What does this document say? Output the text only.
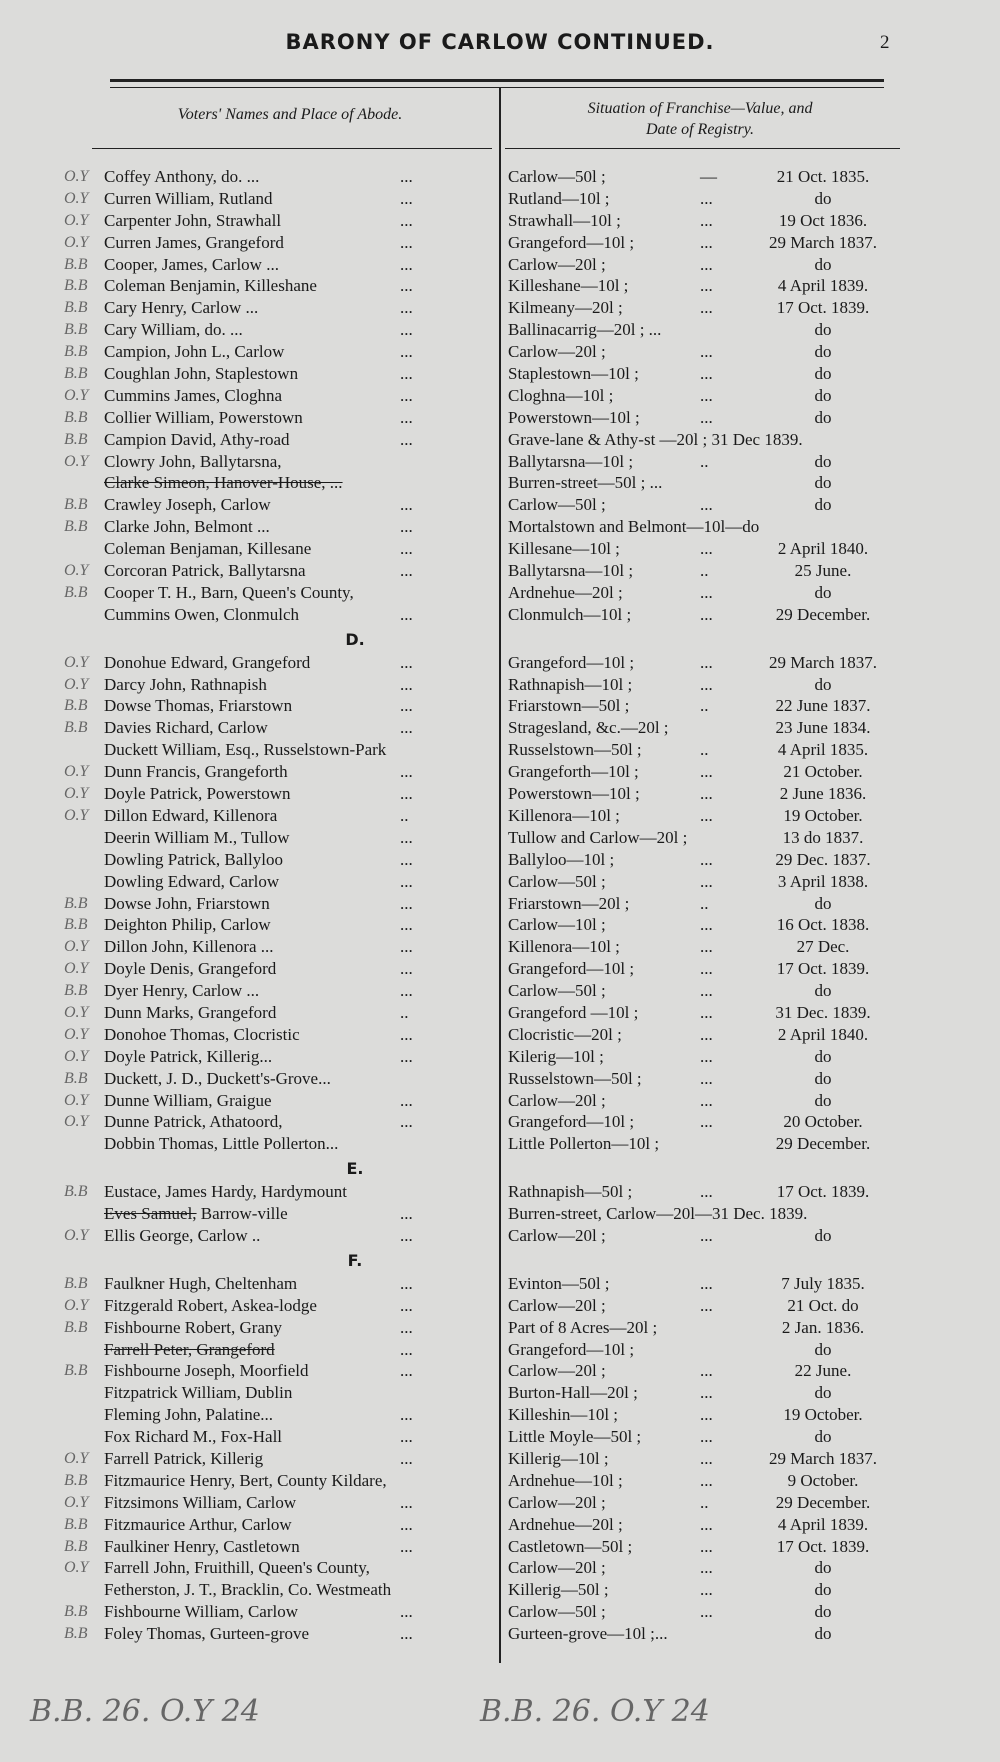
BARONY OF CARLOW CONTINUED.	2
Voters' Names and Place of Abode.	Situation of Franchise—Value, and
Date of Registry.
O.Y Coffey Anthony, do. ...	...	Carlow—50l ;	—	21 Oct. 1835.
O.Y Curren William, Rutland	...	Rutland—10l ;	...	do
O.Y Carpenter John, Strawhall	...	Strawhall—10l ;	...	19 Oct 1836.
O.Y Curren James, Grangeford	...	Grangeford—10l ;	...	29 March 1837.
B.B Cooper, James, Carlow ...	...	Carlow—20l ;	...	do
B.B Coleman Benjamin, Killeshane	...	Killeshane—10l ;	...	4 April 1839.
B.B Cary Henry, Carlow ...	...	Kilmeany—20l ;	...	17 Oct. 1839.
B.B Cary William, do. ...	...	Ballinacarrig—20l ; ...	do
B.B Campion, John L., Carlow	...	Carlow—20l ;	...	do
B.B Coughlan John, Staplestown	...	Staplestown—10l ;	...	do
O.Y Cummins James, Cloghna	...	Cloghna—10l ;	...	do
B.B Collier William, Powerstown	...	Powerstown—10l ;	...	do
B.B Campion David, Athy-road	...	Grave-lane & Athy-st —20l ; 31 Dec 1839.
O.Y Clowry John, Ballytarsna,	Ballytarsna—10l ;	..	do
Clarke Simeon, Hanover-House, ...	Burren-street—50l ; ...	do
B.B Crawley Joseph, Carlow	...	Carlow—50l ;	...	do
B.B Clarke John, Belmont ...	...	Mortalstown and Belmont—10l—do
Coleman Benjaman, Killesane	...	Killesane—10l ;	...	2 April 1840.
O.Y Corcoran Patrick, Ballytarsna	...	Ballytarsna—10l ;	..	25 June.
B.B Cooper T. H., Barn, Queen's County,	Ardnehue—20l ;	...	do
Cummins Owen, Clonmulch	...	Clonmulch—10l ;	...	29 December.
D.
O.Y Donohue Edward, Grangeford	...	Grangeford—10l ;	...	29 March 1837.
O.Y Darcy John, Rathnapish	...	Rathnapish—10l ;	...	do
B.B Dowse Thomas, Friarstown	...	Friarstown—50l ;	..	22 June 1837.
B.B Davies Richard, Carlow	...	Stragesland, &c.—20l ;	23 June 1834.
Duckett William, Esq., Russelstown-Park	Russelstown—50l ;	..	4 April 1835.
O.Y Dunn Francis, Grangeforth	...	Grangeforth—10l ;	...	21 October.
O.Y Doyle Patrick, Powerstown	...	Powerstown—10l ;	...	2 June 1836.
O.Y Dillon Edward, Killenora	..	Killenora—10l ;	...	19 October.
Deerin William M., Tullow	...	Tullow and Carlow—20l ;	13 do 1837.
Dowling Patrick, Ballyloo	...	Ballyloo—10l ;	...	29 Dec. 1837.
Dowling Edward, Carlow	...	Carlow—50l ;	...	3 April 1838.
B.B Dowse John, Friarstown	...	Friarstown—20l ;	..	do
B.B Deighton Philip, Carlow	...	Carlow—10l ;	...	16 Oct. 1838.
O.Y Dillon John, Killenora ...	...	Killenora—10l ;	...	27 Dec.
O.Y Doyle Denis, Grangeford	...	Grangeford—10l ;	...	17 Oct. 1839.
B.B Dyer Henry, Carlow ...	...	Carlow—50l ;	...	do
O.Y Dunn Marks, Grangeford	..	Grangeford —10l ;	...	31 Dec. 1839.
O.Y Donohoe Thomas, Clocristic	...	Clocristic—20l ;	...	2 April 1840.
O.Y Doyle Patrick, Killerig...	...	Kilerig—10l ;	...	do
B.B Duckett, J. D., Duckett's-Grove...	Russelstown—50l ;	...	do
O.Y Dunne William, Graigue	...	Carlow—20l ;	...	do
O.Y Dunne Patrick, Athatoord,	...	Grangeford—10l ;	...	20 October.
Dobbin Thomas, Little Pollerton...	Little Pollerton—10l ;	29 December.
E.
B.B Eustace, James Hardy, Hardymount	Rathnapish—50l ;	...	17 Oct. 1839.
Eves Samuel, Barrow-ville	...	Burren-street, Carlow—20l—31 Dec. 1839.
O.Y Ellis George, Carlow ..	...	Carlow—20l ;	...	do
F.
B.B Faulkner Hugh, Cheltenham	...	Evinton—50l ;	...	7 July 1835.
O.Y Fitzgerald Robert, Askea-lodge	...	Carlow—20l ;	...	21 Oct. do
B.B Fishbourne Robert, Grany	...	Part of 8 Acres—20l ;	2 Jan. 1836.
Farrell Peter, Grangeford	...	Grangeford—10l ;	do
B.B Fishbourne Joseph, Moorfield	...	Carlow—20l ;	...	22 June.
Fitzpatrick William, Dublin	Burton-Hall—20l ;	...	do
Fleming John, Palatine...	...	Killeshin—10l ;	...	19 October.
Fox Richard M., Fox-Hall	...	Little Moyle—50l ;	...	do
O.Y Farrell Patrick, Killerig	...	Killerig—10l ;	...	29 March 1837.
B.B Fitzmaurice Henry, Bert, County Kildare,	Ardnehue—10l ;	...	9 October.
O.Y Fitzsimons William, Carlow	...	Carlow—20l ;	..	29 December.
B.B Fitzmaurice Arthur, Carlow	...	Ardnehue—20l ;	...	4 April 1839.
B.B Faulkiner Henry, Castletown	...	Castletown—50l ;	...	17 Oct. 1839.
O.Y Farrell John, Fruithill, Queen's County,	Carlow—20l ;	...	do
Fetherston, J. T., Bracklin, Co. Westmeath	Killerig—50l ;	...	do
B.B Fishbourne William, Carlow	...	Carlow—50l ;	...	do
B.B Foley Thomas, Gurteen-grove	...	Gurteen-grove—10l ;...	do
B.B. 26. O.Y 24	B.B. 26. O.Y 24
